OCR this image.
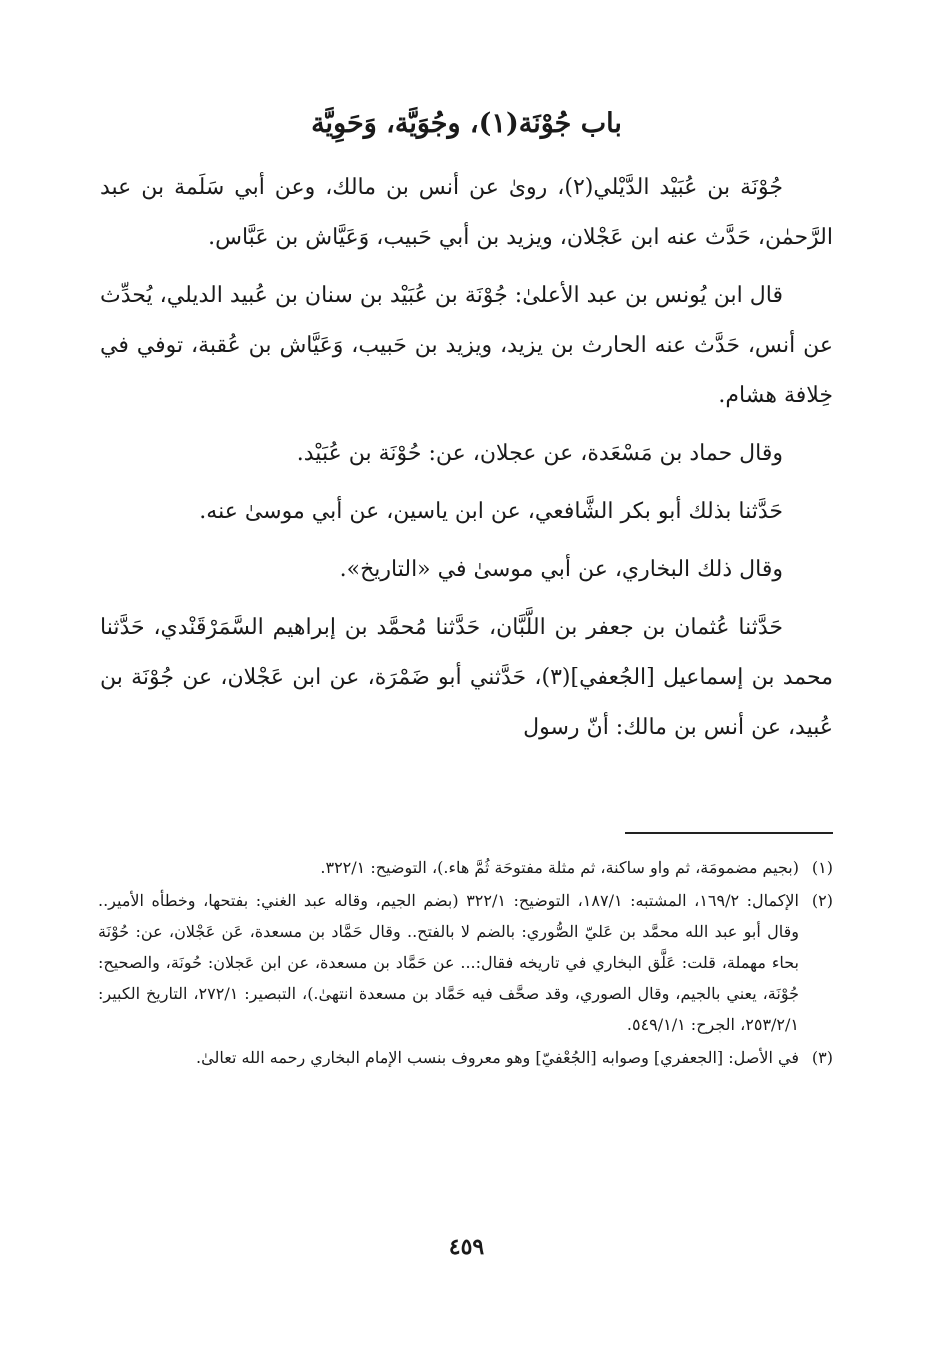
باب جُوْنَة(١)، وجُوَيَّة، وَحَوِيَّة

جُوْنَة بن عُبَيْد الدَّيْلي(٢)، روىٰ عن أنس بن مالك، وعن أبي سَلَمة بن عبد الرَّحمٰن، حَدَّث عنه ابن عَجْلان، ويزيد بن أبي حَبيب، وَعَيَّاش بن عَبَّاس.

قال ابن يُونس بن عبد الأعلىٰ: جُوْنَة بن عُبَيْد بن سنان بن عُبيد الديلي، يُحدِّث عن أنس، حَدَّث عنه الحارث بن يزيد، ويزيد بن حَبيب، وَعَيَّاش بن عُقبة، توفي في خِلافة هشام.

وقال حماد بن مَسْعَدة، عن عجلان، عن: حُوْنَة بن عُبَيْد.

حَدَّثنا بذلك أبو بكر الشَّافعي، عن ابن ياسين، عن أبي موسىٰ عنه.

وقال ذلك البخاري، عن أبي موسىٰ في «التاريخ».

حَدَّثنا عُثمان بن جعفر بن اللَّبَّان، حَدَّثنا مُحمَّد بن إبراهيم السَّمَرْقَنْدي، حَدَّثنا محمد بن إسماعيل [الجُعفي](٣)، حَدَّثني أبو ضَمْرَة، عن ابن عَجْلان، عن جُوْنَة بن عُبيد، عن أنس بن مالك: أنّ رسول

(١)
(بجيم مضمومَة، ثم واو ساكنة، ثم مثلة مفتوحَة ثُمَّ هاء.)، التوضيح: ٣٢٢/١.

(٢)
الإكمال: ١٦٩/٢، المشتبه: ١٨٧/١، التوضيح: ٣٢٢/١ (بضم الجيم، وقاله عبد الغني: بفتحها، وخطأه الأمير.. وقال أبو عبد الله محمَّد بن عَليّ الصُّوري: بالضم لا بالفتح.. وقال حَمَّاد بن مسعدة، عَن عَجْلان، عن: حُوْنَة بحاء مهملة، قلت: عَلَّق البخاري في تاريخه فقال:... عن حَمَّاد بن مسعدة، عن ابن عَجلان: حُونَة، والصحيح: جُوْنَة، يعني بالجيم، وقال الصوري، وقد صحَّف فيه حَمَّاد بن مسعدة انتهىٰ.)، التبصير: ٢٧٢/١، التاريخ الكبير: ٢٥٣/٢/١، الجرح: ٥٤٩/١/١.

(٣)
في الأصل: [الجعفري] وصوابه [الجُعْفيّ] وهو معروف بنسب الإمام البخاري رحمه الله تعالىٰ.

٤٥٩
